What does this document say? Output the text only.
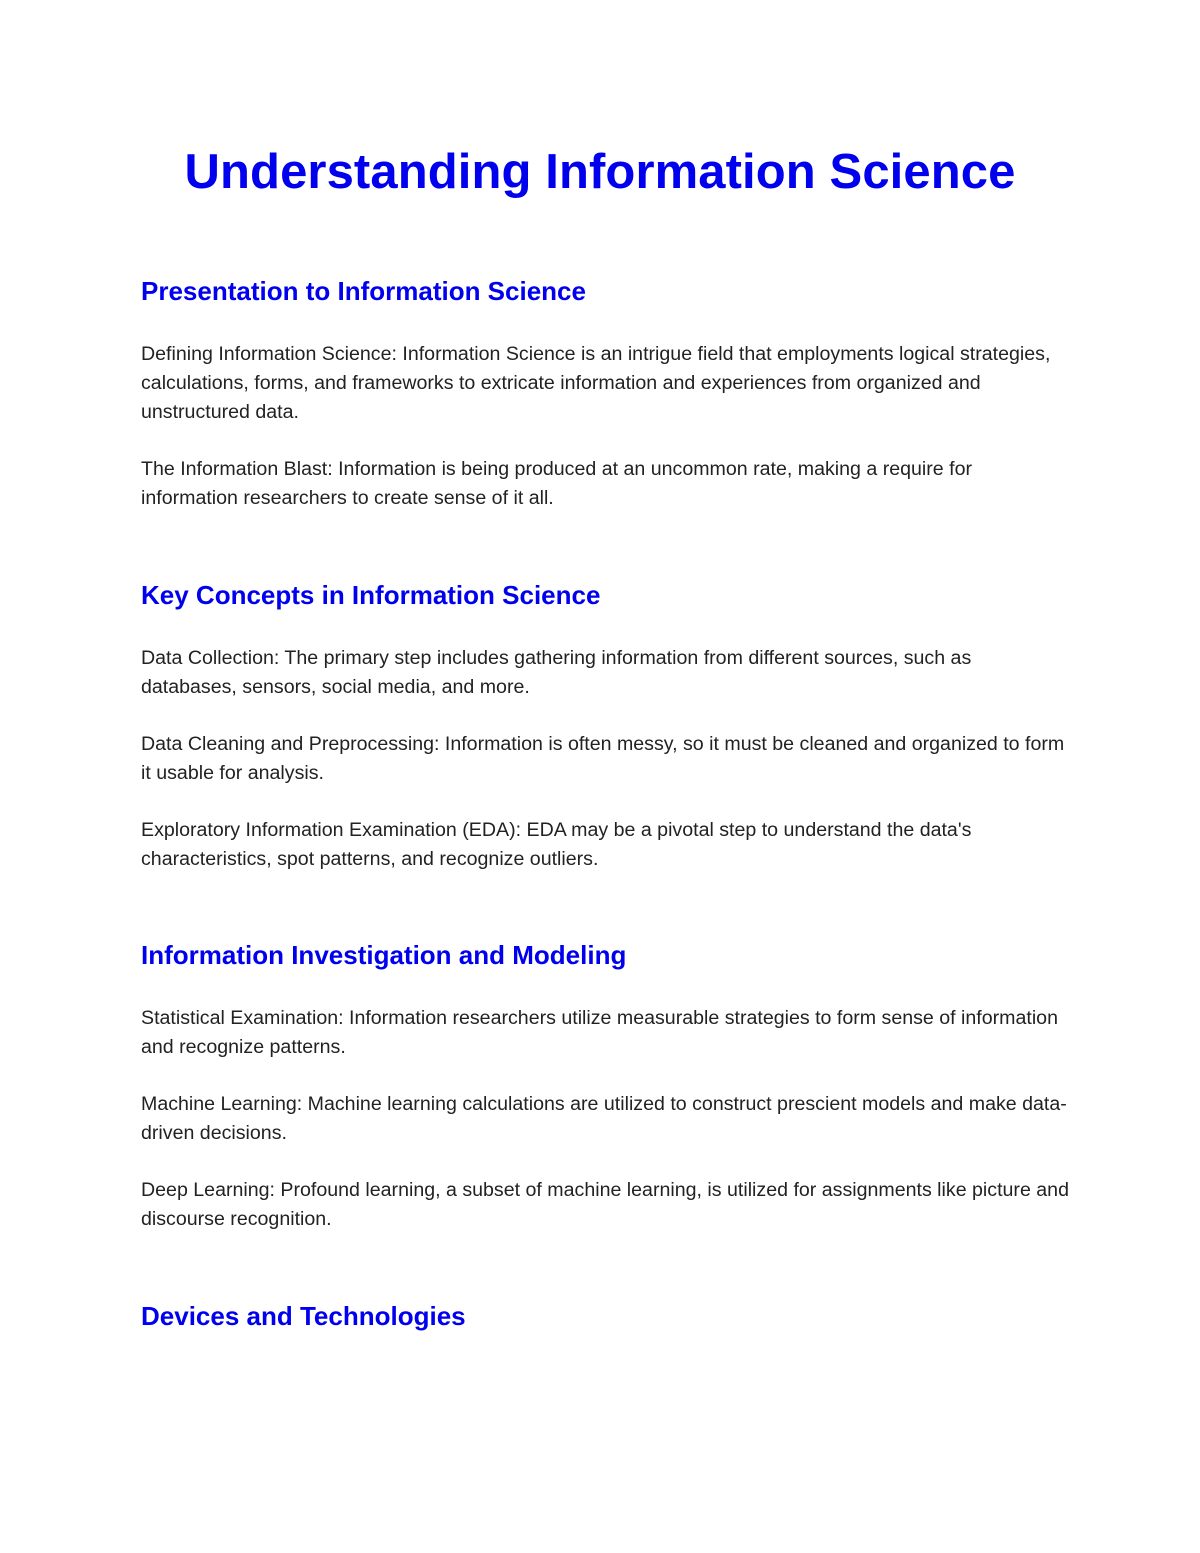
Understanding Information Science
Presentation to Information Science

Defining Information Science: Information Science is an intrigue field that employments logical strategies, calculations, forms, and frameworks to extricate information and experiences from organized and unstructured data.

The Information Blast: Information is being produced at an uncommon rate, making a require for information researchers to create sense of it all.

Key Concepts in Information Science

Data Collection: The primary step includes gathering information from different sources, such as databases, sensors, social media, and more.

Data Cleaning and Preprocessing: Information is often messy, so it must be cleaned and organized to form it usable for analysis.

Exploratory Information Examination (EDA): EDA may be a pivotal step to understand the data's characteristics, spot patterns, and recognize outliers.

Information Investigation and Modeling

Statistical Examination: Information researchers utilize measurable strategies to form sense of information and recognize patterns.

Machine Learning: Machine learning calculations are utilized to construct prescient models and make data-driven decisions.

Deep Learning: Profound learning, a subset of machine learning, is utilized for assignments like picture and discourse recognition.

Devices and Technologies
